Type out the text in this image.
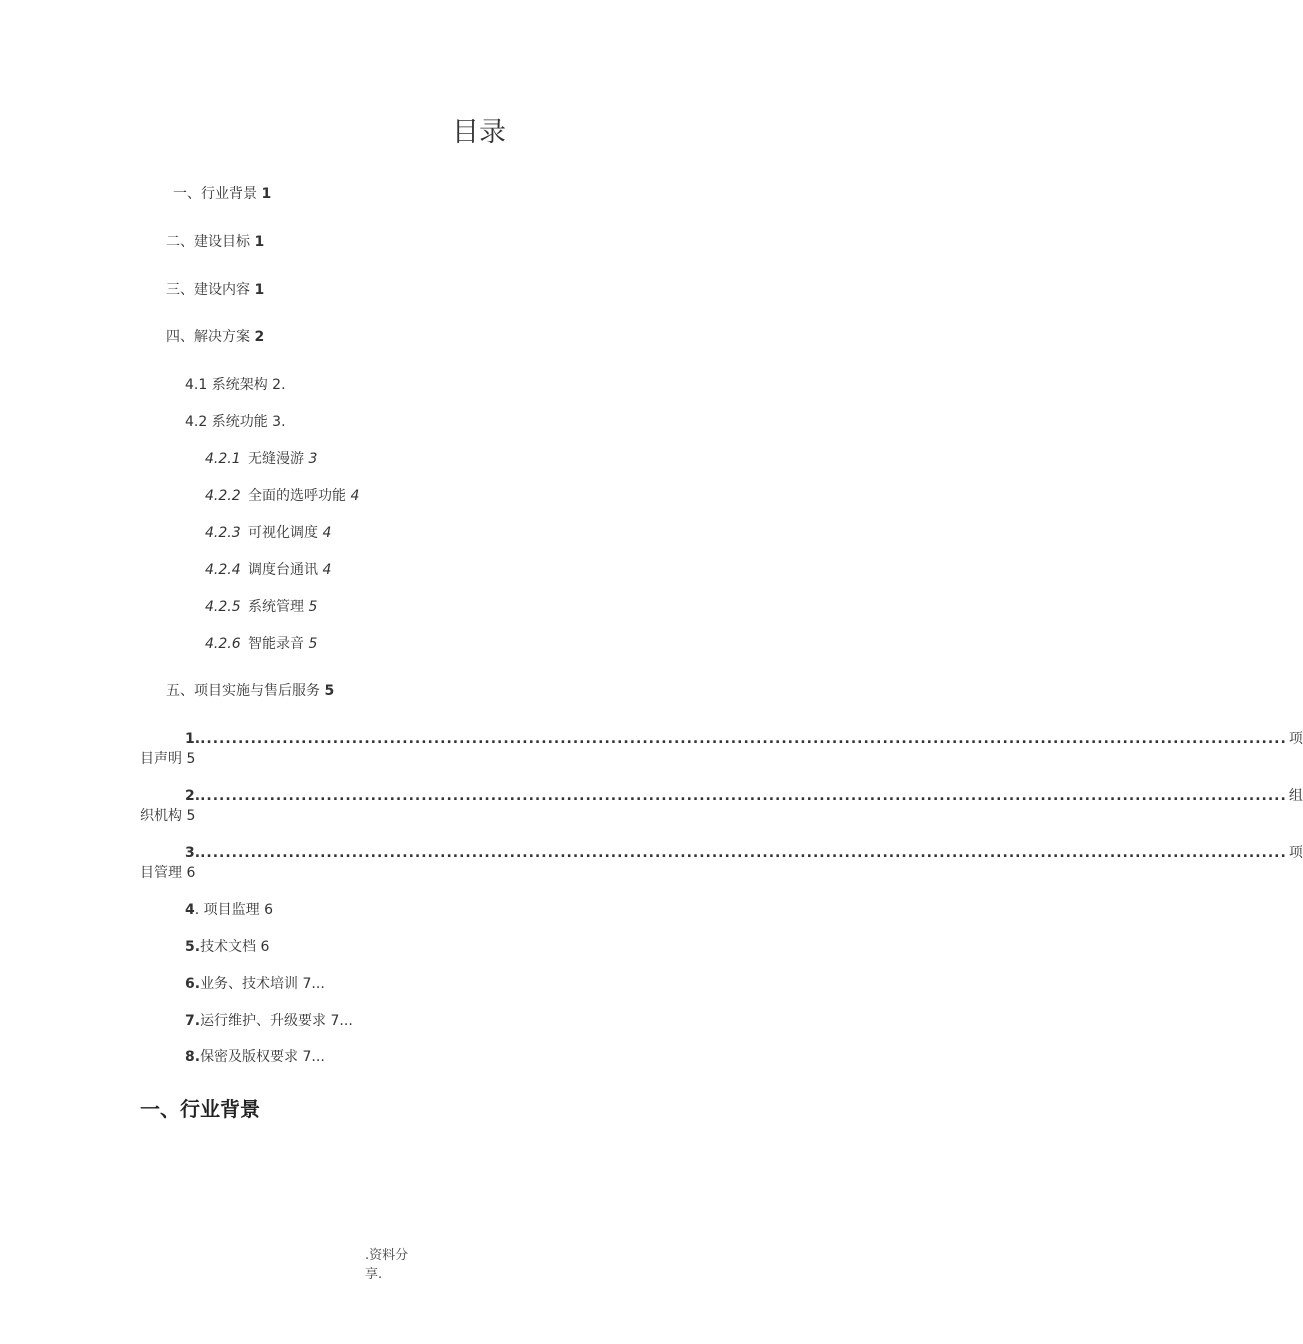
目录
一、行业背景 1
二、建设目标 1
三、建设内容 1
四、解决方案 2
4.1 系统架构 2.
4.2 系统功能 3.
4.2.1 无缝漫游 3
4.2.2 全面的选呼功能 4
4.2.3 可视化调度 4
4.2.4 调度台通讯 4
4.2.5 系统管理 5
4.2.6 智能录音 5
五、项目实施与售后服务 5
1. ............................................................................................................................................................................ 项
目声明 5
2. ............................................................................................................................................................................ 组
织机构 5
3. ............................................................................................................................................................................ 项
目管理 6
4. 项目监理 6
5.技术文档 6
6.业务、技术培训 7...
7.运行维护、升级要求 7...
8.保密及版权要求 7...
一、行业背景
.资料分享.
